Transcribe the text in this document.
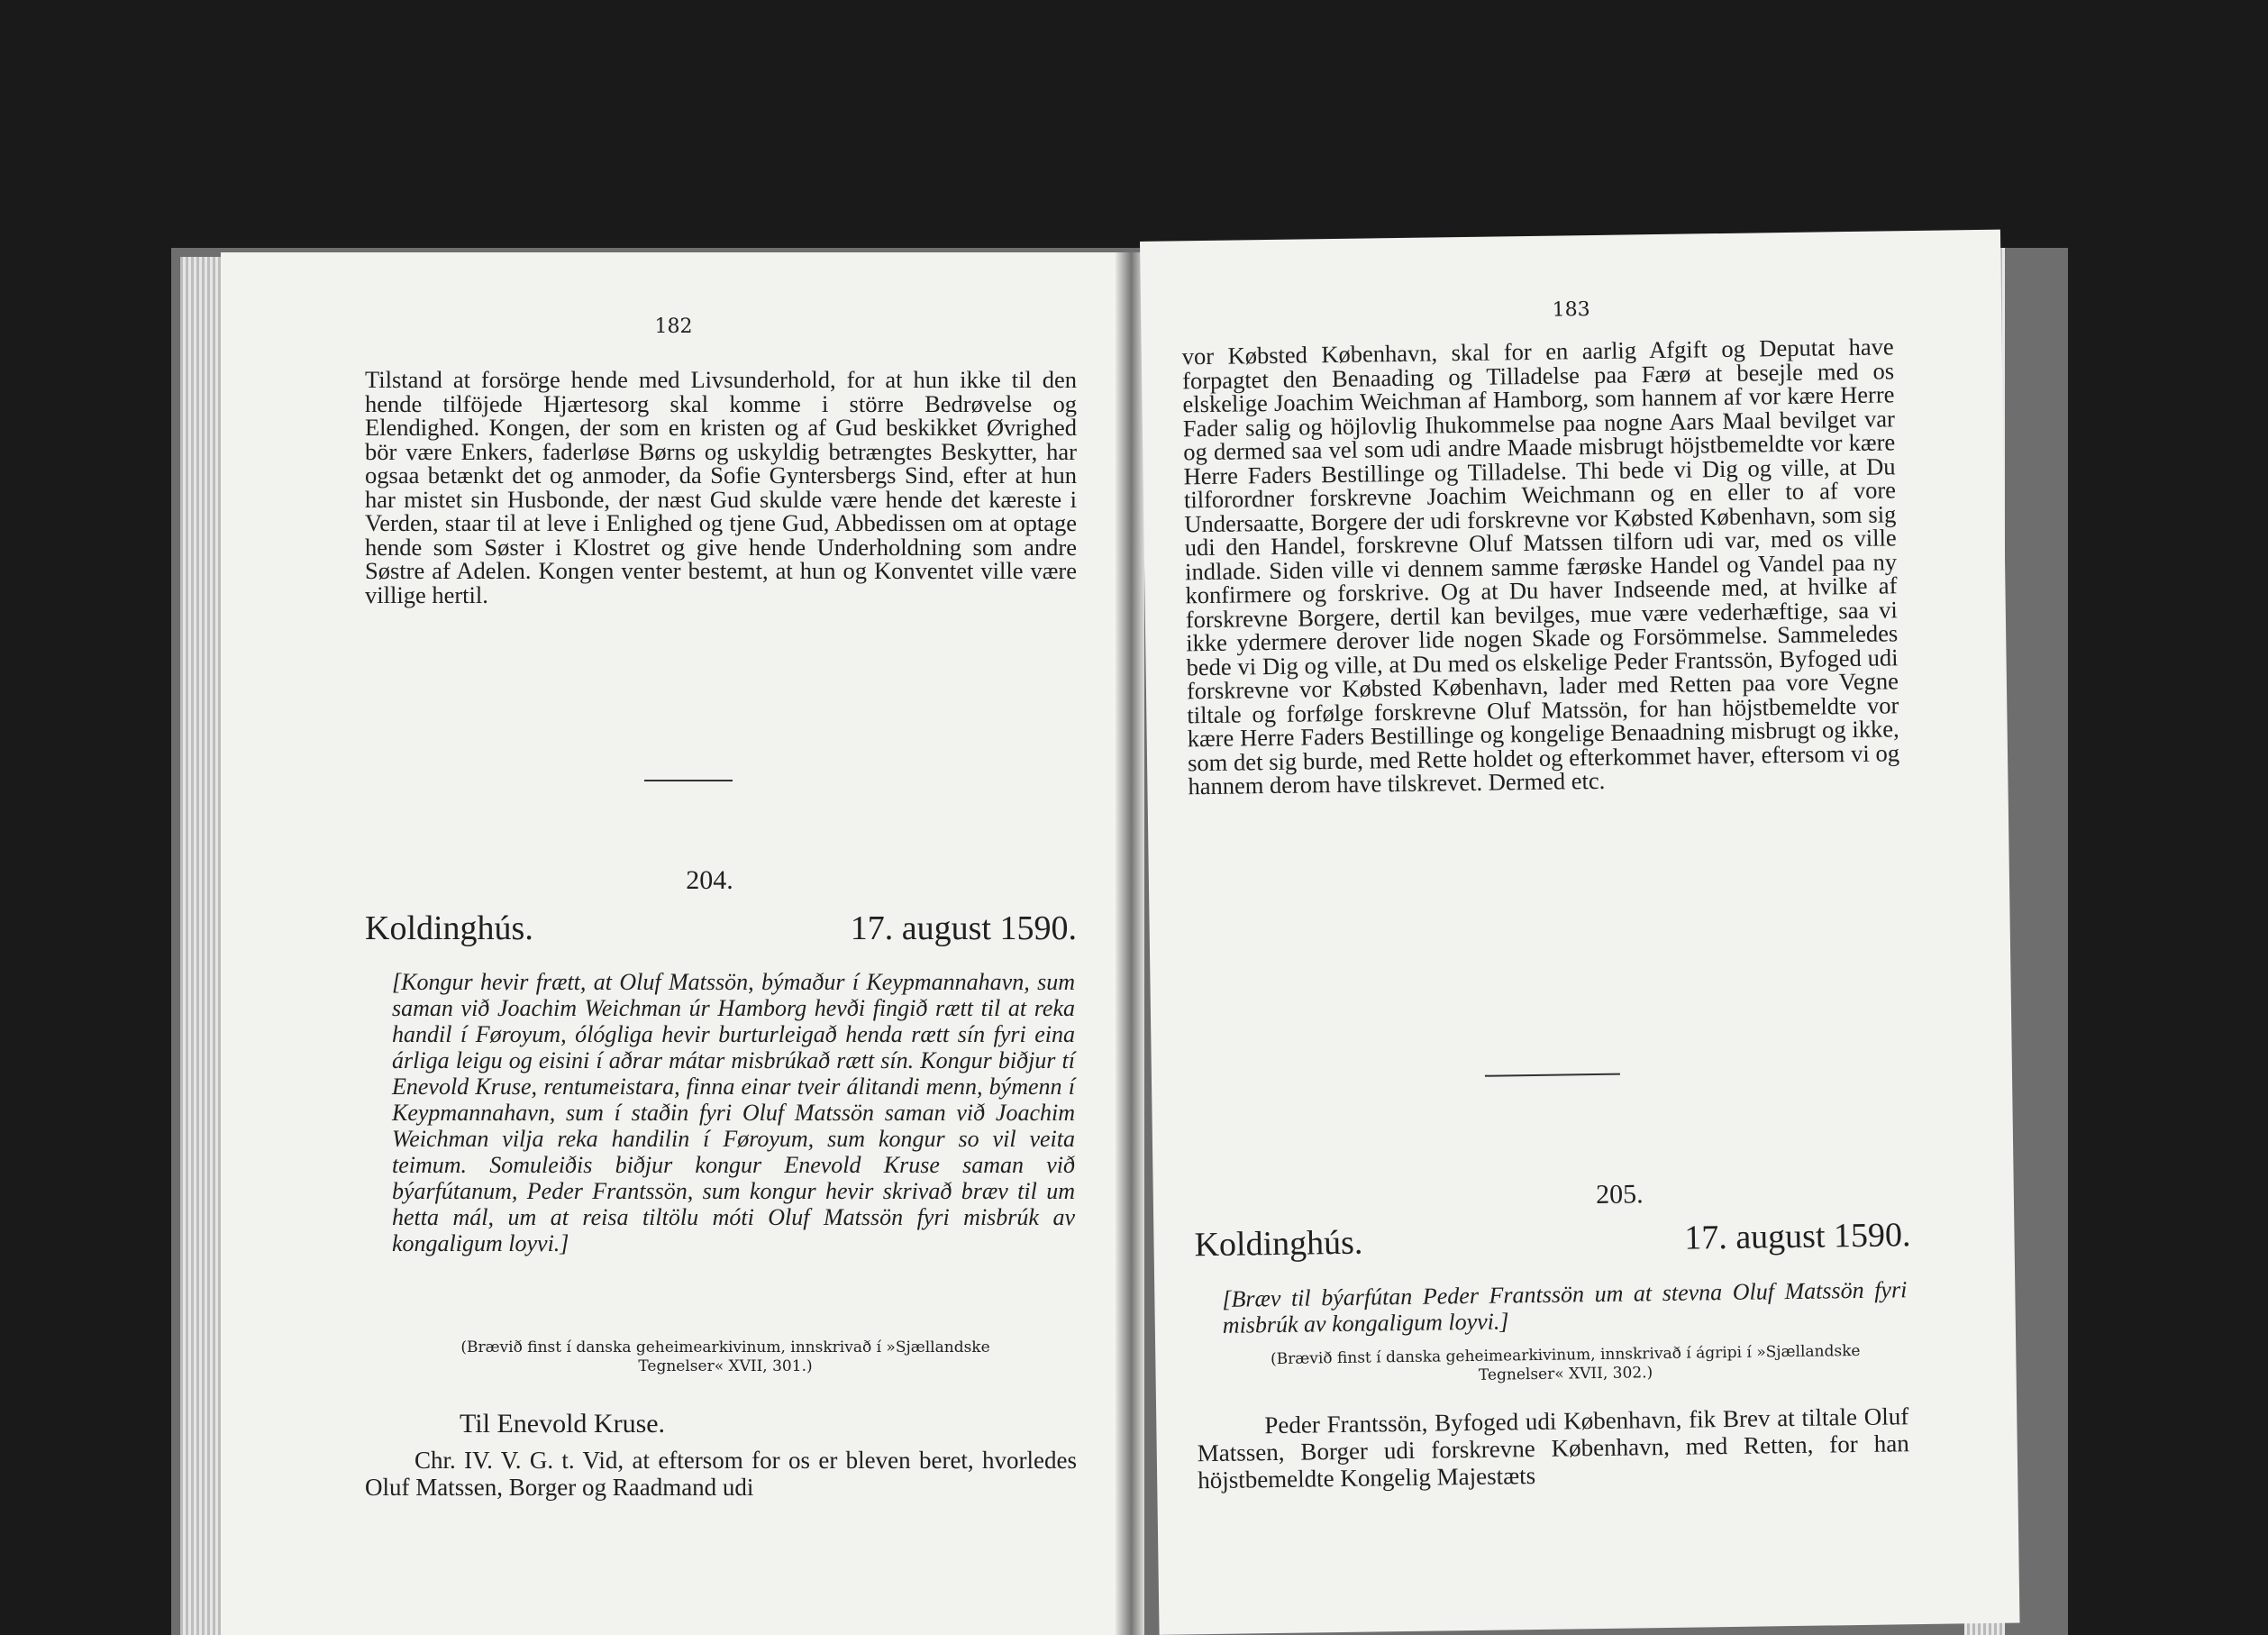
182

Tilstand at forsörge hende med Livsunderhold, for at hun ikke til den hende tilföjede Hjærtesorg skal komme i större Bedrøvelse og Elendighed. Kongen, der som en kristen og af Gud beskikket Øvrighed bör være Enkers, faderløse Børns og uskyldig betrængtes Beskytter, har ogsaa betænkt det og anmoder, da Sofie Gyntersbergs Sind, efter at hun har mistet sin Husbonde, der næst Gud skulde være hende det kæreste i Verden, staar til at leve i Enlighed og tjene Gud, Abbedissen om at optage hende som Søster i Klostret og give hende Underholdning som andre Søstre af Adelen. Kongen venter bestemt, at hun og Konventet ville være villige hertil.

204.
Koldinghús.	17. august 1590.
[Kongur hevir frætt, at Oluf Matssön, býmaður í Keypmannahavn, sum saman við Joachim Weichman úr Hamborg hevði fingið rætt til at reka handil í Føroyum, ólógliga hevir burturleigað henda rætt sín fyri eina árliga leigu og eisini í aðrar mátar misbrúkað rætt sín. Kongur biðjur tí Enevold Kruse, rentumeistara, finna einar tveir álitandi menn, býmenn í Keypmannahavn, sum í staðin fyri Oluf Matssön saman við Joachim Weichman vilja reka handilin í Føroyum, sum kongur so vil veita teimum. Somuleiðis biðjur kongur Enevold Kruse saman við býarfútanum, Peder Frantssön, sum kongur hevir skrivað bræv til um hetta mál, um at reisa tiltölu móti Oluf Matssön fyri misbrúk av kongaligum loyvi.]
(Brævið finst í danska geheimearkivinum, innskrivað í »Sjællandske
Tegnelser« XVII, 301.)
Til Enevold Kruse.
Chr. IV. V. G. t. Vid, at eftersom for os er bleven beret, hvorledes Oluf Matssen, Borger og Raadmand udi
183

vor Købsted København, skal for en aarlig Afgift og Deputat have forpagtet den Benaading og Tilladelse paa Færø at besejle med os elskelige Joachim Weichman af Hamborg, som hannem af vor kære Herre Fader salig og höjlovlig Ihukommelse paa nogne Aars Maal bevilget var og dermed saa vel som udi andre Maade misbrugt höjstbemeldte vor kære Herre Faders Bestillinge og Tilladelse. Thi bede vi Dig og ville, at Du tilforordner forskrevne Joachim Weichmann og en eller to af vore Undersaatte, Borgere der udi forskrevne vor Købsted København, som sig udi den Handel, forskrevne Oluf Matssen tilforn udi var, med os ville indlade. Siden ville vi dennem samme færøske Handel og Vandel paa ny konfirmere og forskrive. Og at Du haver Indseende med, at hvilke af forskrevne Borgere, dertil kan bevilges, mue være vederhæftige, saa vi ikke ydermere derover lide nogen Skade og Forsömmelse. Sammeledes bede vi Dig og ville, at Du med os elskelige Peder Frantssön, Byfoged udi forskrevne vor Købsted København, lader med Retten paa vore Vegne tiltale og forfølge forskrevne Oluf Matssön, for han höjstbemeldte vor kære Herre Faders Bestillinge og kongelige Benaadning misbrugt og ikke, som det sig burde, med Rette holdet og efterkommet haver, eftersom vi og hannem derom have tilskrevet. Dermed etc.

205.
Koldinghús.	17. august 1590.
[Bræv til býarfútan Peder Frantssön um at stevna Oluf Matssön fyri misbrúk av kongaligum loyvi.]
(Brævið finst í danska geheimearkivinum, innskrivað í ágripi í »Sjællandske
Tegnelser« XVII, 302.)
Peder Frantssön, Byfoged udi København, fik Brev at tiltale Oluf Matssen, Borger udi forskrevne København, med Retten, for han höjstbemeldte Kongelig Majestæts
